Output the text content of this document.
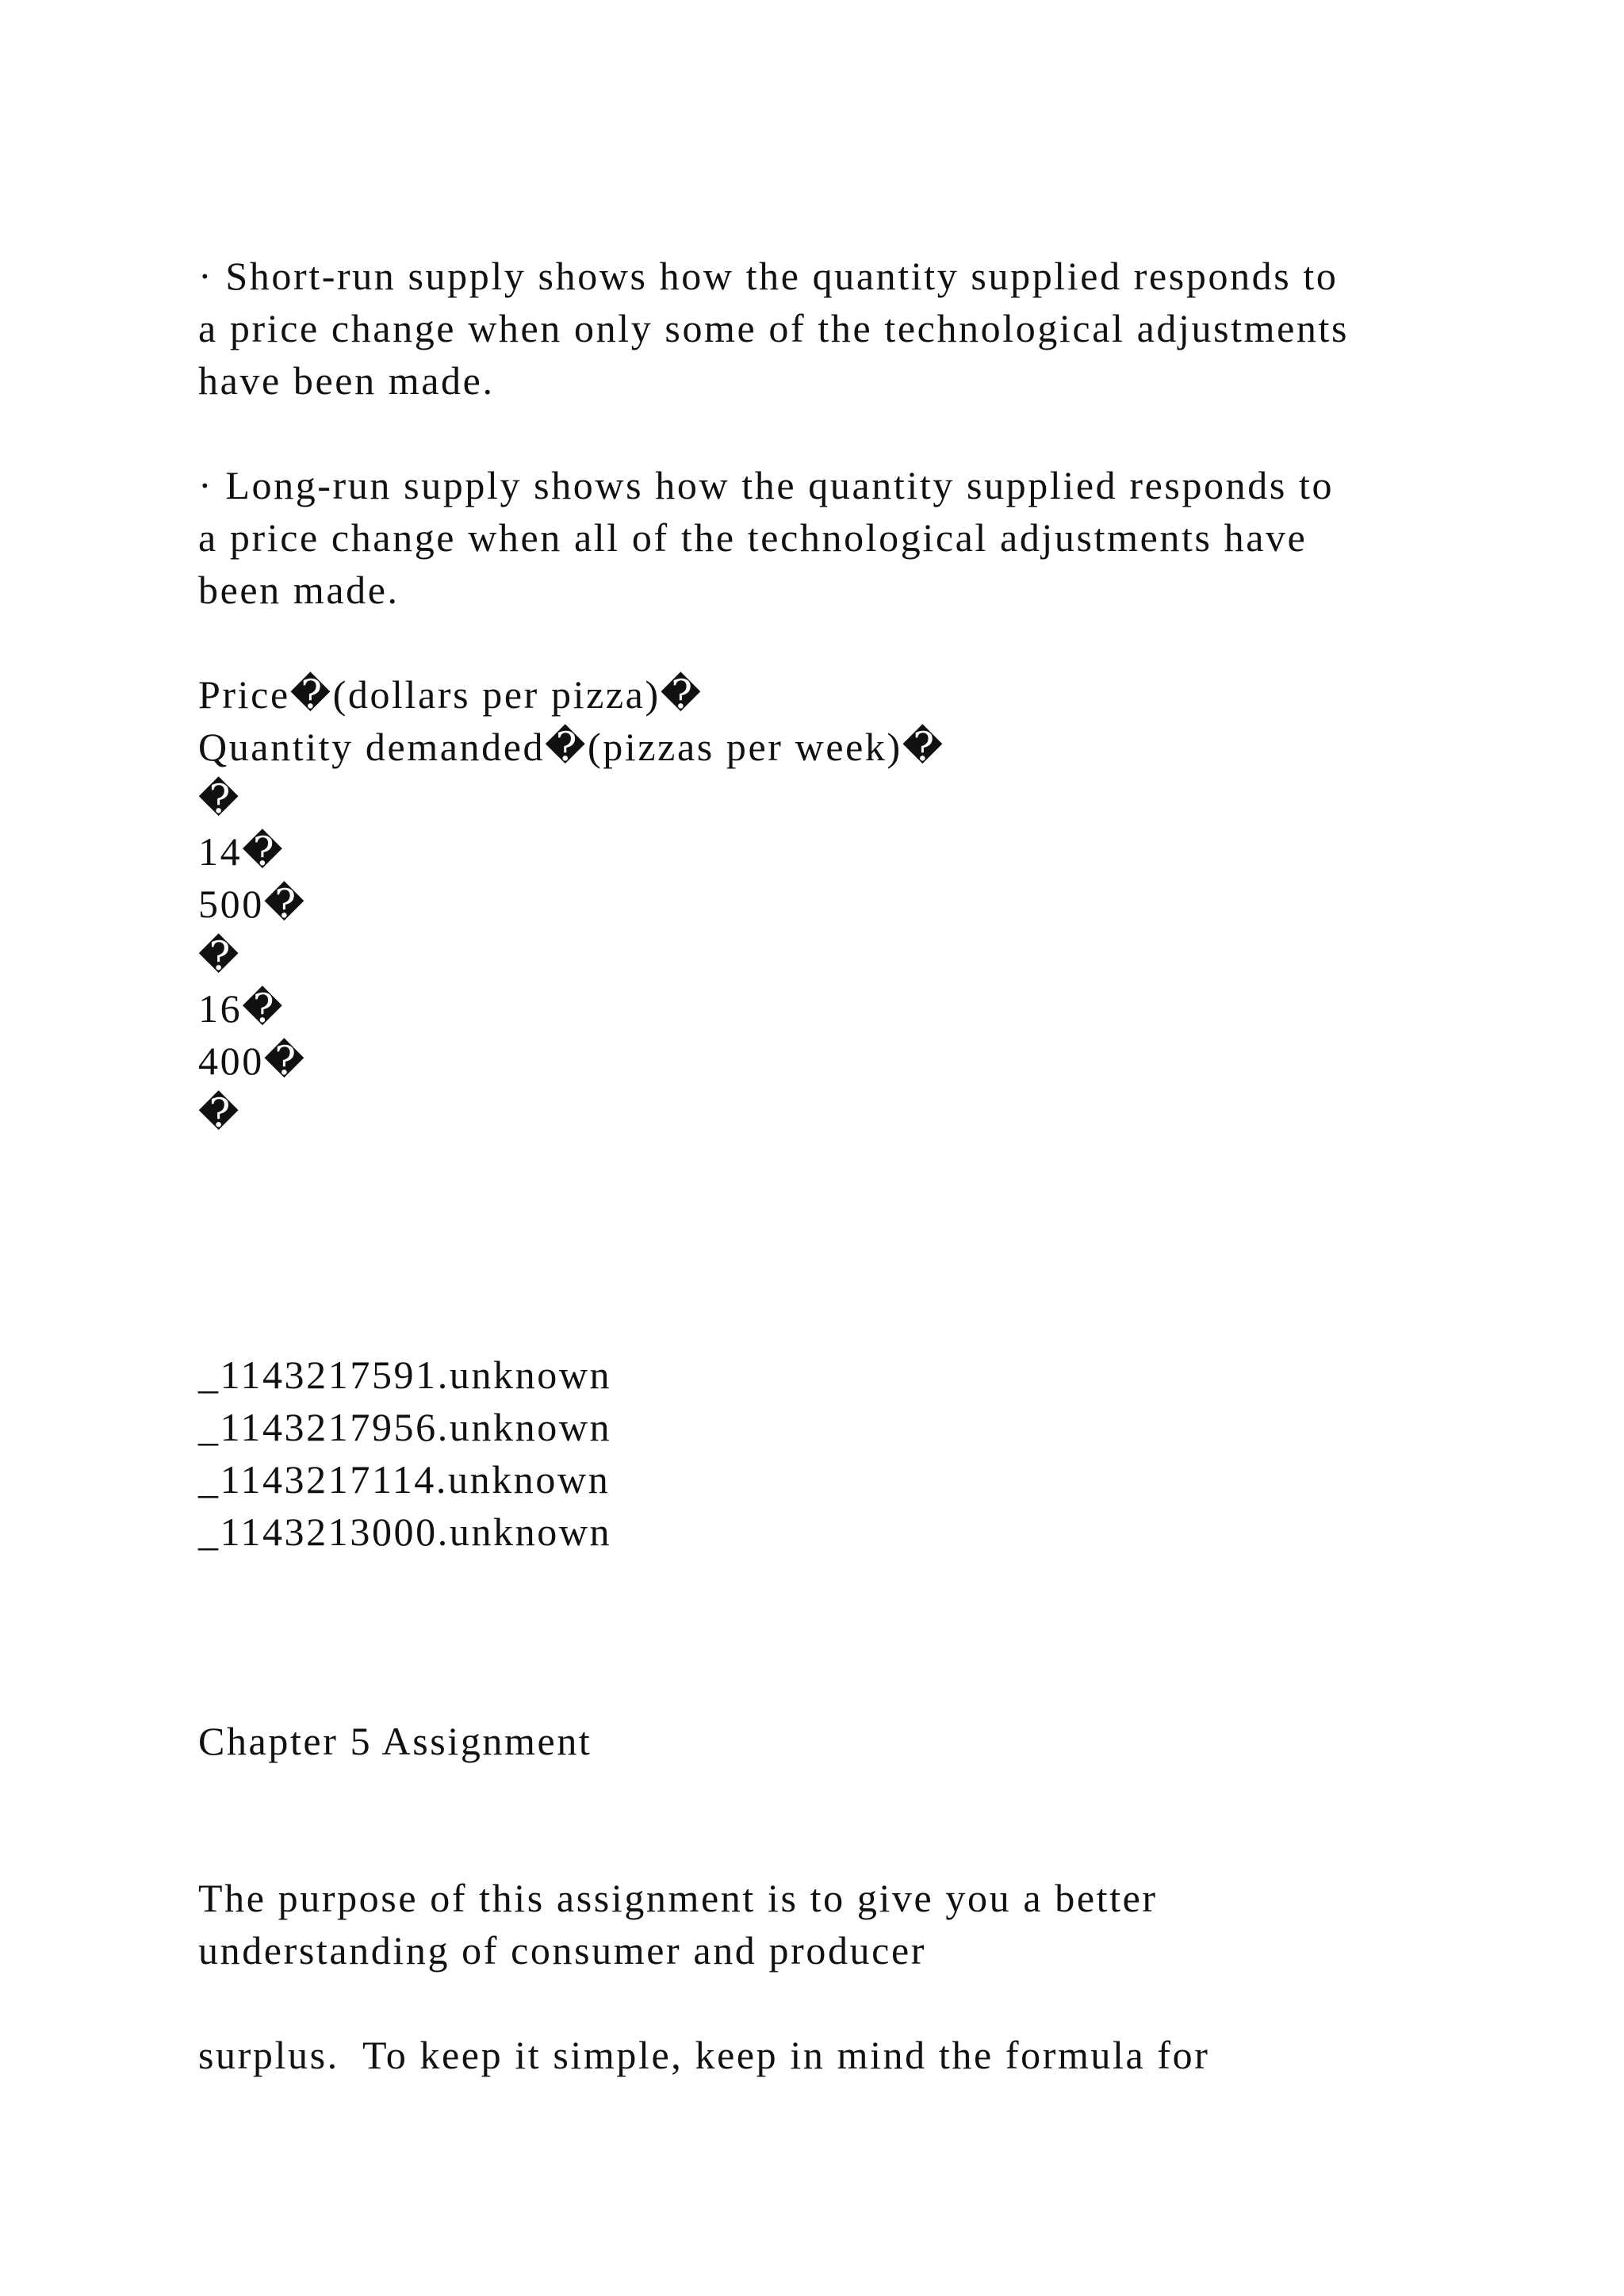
· Short-run supply shows how the quantity supplied responds to
a price change when only some of the technological adjustments
have been made.
· Long-run supply shows how the quantity supplied responds to
a price change when all of the technological adjustments have
been made.
Price�(dollars per pizza)�
Quantity demanded�(pizzas per week)�
�
14�
500�
�
16�
400�
�
_1143217591.unknown
_1143217956.unknown
_1143217114.unknown
_1143213000.unknown
Chapter 5 Assignment
The purpose of this assignment is to give you a better
understanding of consumer and producer
surplus.  To keep it simple, keep in mind the formula for
